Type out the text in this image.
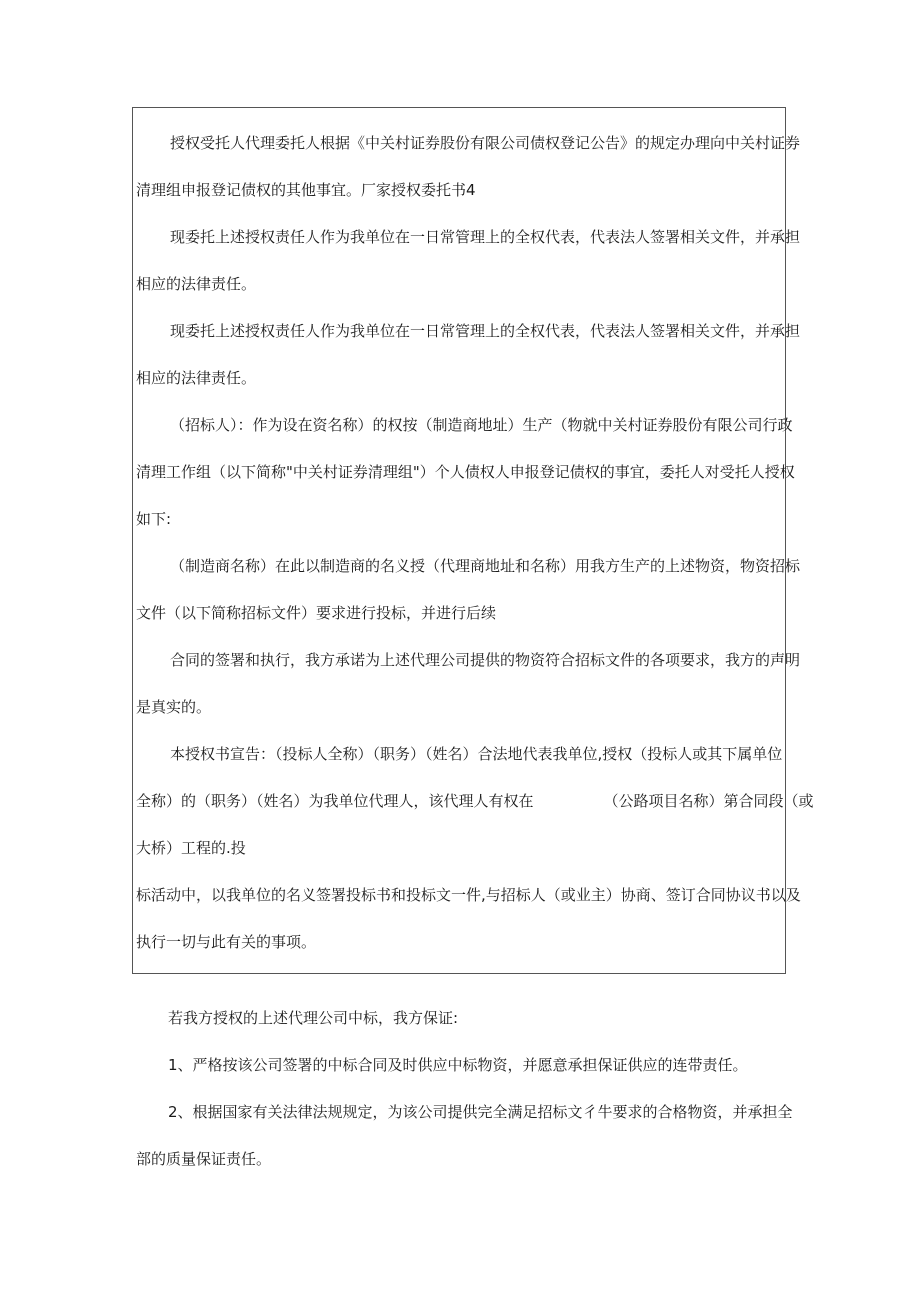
授权受托人代理委托人根据《中关村证券股份有限公司债权登记公告》的规定办理向中关村证券
清理组申报登记债权的其他事宜。厂家授权委托书4
现委托上述授权责任人作为我单位在一日常管理上的全权代表，代表法人签署相关文件，并承担
相应的法律责任。
现委托上述授权责任人作为我单位在一日常管理上的全权代表，代表法人签署相关文件，并承担
相应的法律责任。
（招标人）：作为设在资名称）的权按（制造商地址）生产（物就中关村证券股份有限公司行政
清理工作组（以下简称"中关村证券清理组"）个人债权人申报登记债权的事宜，委托人对受托人授权
如下:
（制造商名称）在此以制造商的名义授（代理商地址和名称）用我方生产的上述物资，物资招标
文件（以下简称招标文件）要求进行投标，并进行后续
合同的签署和执行，我方承诺为上述代理公司提供的物资符合招标文件的各项要求，我方的声明
是真实的。
本授权书宣告：（投标人全称）（职务）（姓名）合法地代表我单位,授权（投标人或其下属单位
全称）的（职务）（姓名）为我单位代理人，该代理人有权在	（公路项目名称）第合同段（或
大桥）工程的.投
标活动中，以我单位的名义签署投标书和投标文一件,与招标人（或业主）协商、签订合同协议书以及
执行一切与此有关的事项。
若我方授权的上述代理公司中标，我方保证:
1、严格按该公司签署的中标合同及时供应中标物资，并愿意承担保证供应的连带责任。
2、根据国家有关法律法规规定，为该公司提供完全满足招标文彳牛要求的合格物资，并承担全
部的质量保证责任。
